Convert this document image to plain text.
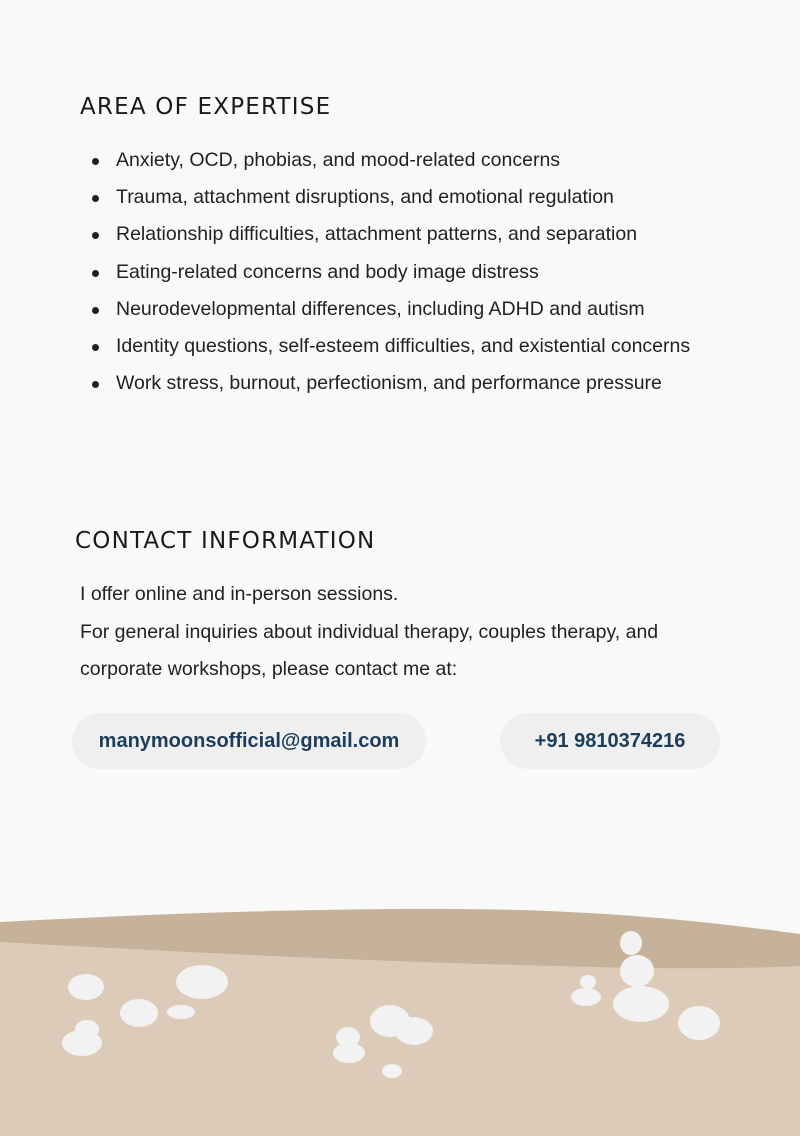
AREA OF EXPERTISE
Anxiety, OCD, phobias, and mood-related concerns
Trauma, attachment disruptions, and emotional regulation
Relationship difficulties, attachment patterns, and separation
Eating-related concerns and body image distress
Neurodevelopmental differences, including ADHD and autism
Identity questions, self-esteem difficulties, and existential concerns
Work stress, burnout, perfectionism, and performance pressure
CONTACT INFORMATION

I offer online and in-person sessions.

For general inquiries about individual therapy, couples therapy, and corporate workshops, please contact me at:

manymoonsofficial@gmail.com	+91 9810374216
